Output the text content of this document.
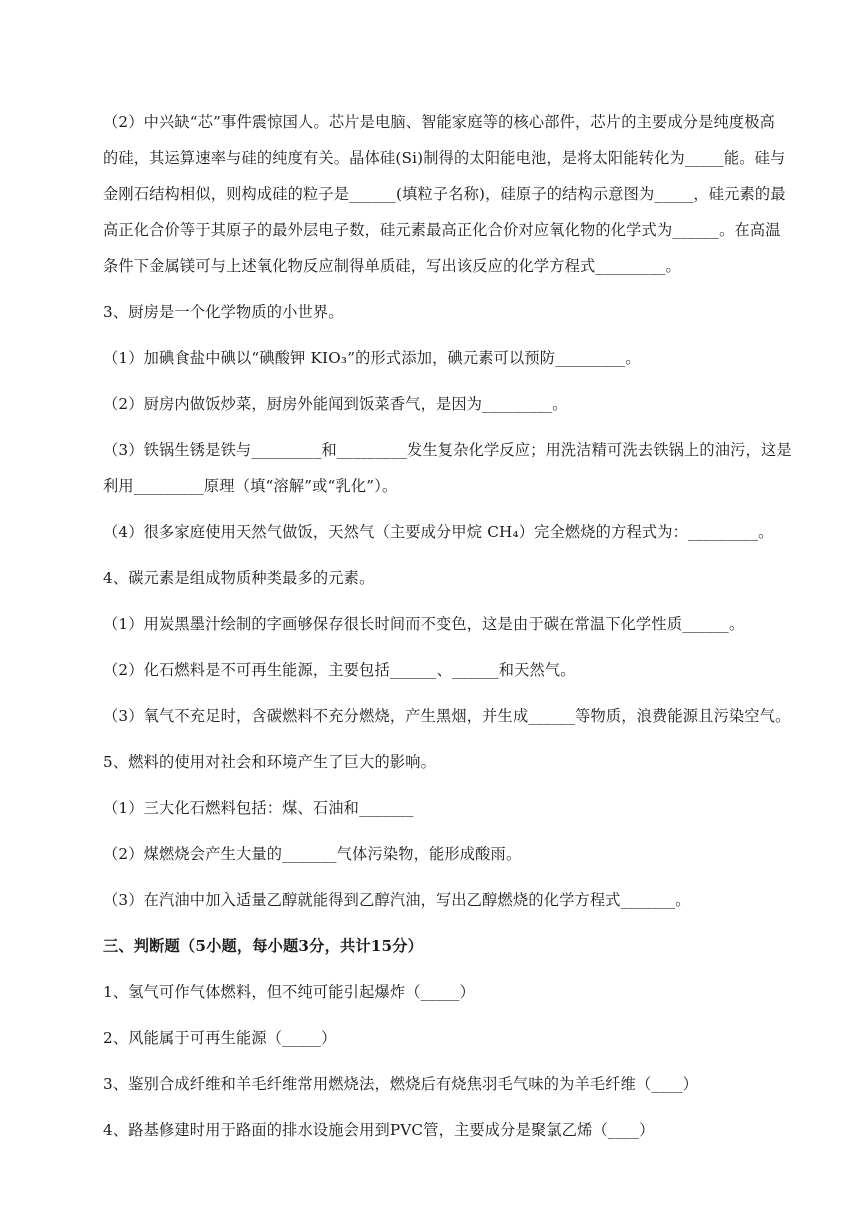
（2）中兴缺“芯”事件震惊国人。芯片是电脑、智能家庭等的核心部件，芯片的主要成分是纯度极高
的硅，其运算速率与硅的纯度有关。晶体硅(Si)制得的太阳能电池，是将太阳能转化为_____能。硅与
金刚石结构相似，则构成硅的粒子是______(填粒子名称)，硅原子的结构示意图为_____，硅元素的最
高正化合价等于其原子的最外层电子数，硅元素最高正化合价对应氧化物的化学式为______。在高温
条件下金属镁可与上述氧化物反应制得单质硅，写出该反应的化学方程式_________。
3、厨房是一个化学物质的小世界。
（1）加碘食盐中碘以“碘酸钾 KIO₃”的形式添加，碘元素可以预防_________。
（2）厨房内做饭炒菜，厨房外能闻到饭菜香气，是因为_________。
（3）铁锅生锈是铁与_________和_________发生复杂化学反应；用洗洁精可洗去铁锅上的油污，这是
利用_________原理（填“溶解”或“乳化”）。
（4）很多家庭使用天然气做饭，天然气（主要成分甲烷 CH₄）完全燃烧的方程式为：_________。
4、碳元素是组成物质种类最多的元素。
（1）用炭黑墨汁绘制的字画够保存很长时间而不变色，这是由于碳在常温下化学性质______。
（2）化石燃料是不可再生能源，主要包括______、______和天然气。
（3）氧气不充足时，含碳燃料不充分燃烧，产生黑烟，并生成______等物质，浪费能源且污染空气。
5、燃料的使用对社会和环境产生了巨大的影响。
（1）三大化石燃料包括：煤、石油和_______
（2）煤燃烧会产生大量的_______气体污染物，能形成酸雨。
（3）在汽油中加入适量乙醇就能得到乙醇汽油，写出乙醇燃烧的化学方程式_______。
三、判断题（5小题，每小题3分，共计15分）
1、氢气可作气体燃料，但不纯可能引起爆炸（_____）
2、风能属于可再生能源（_____）
3、鉴别合成纤维和羊毛纤维常用燃烧法，燃烧后有烧焦羽毛气味的为羊毛纤维（____）
4、路基修建时用于路面的排水设施会用到PVC管，主要成分是聚氯乙烯（____）
